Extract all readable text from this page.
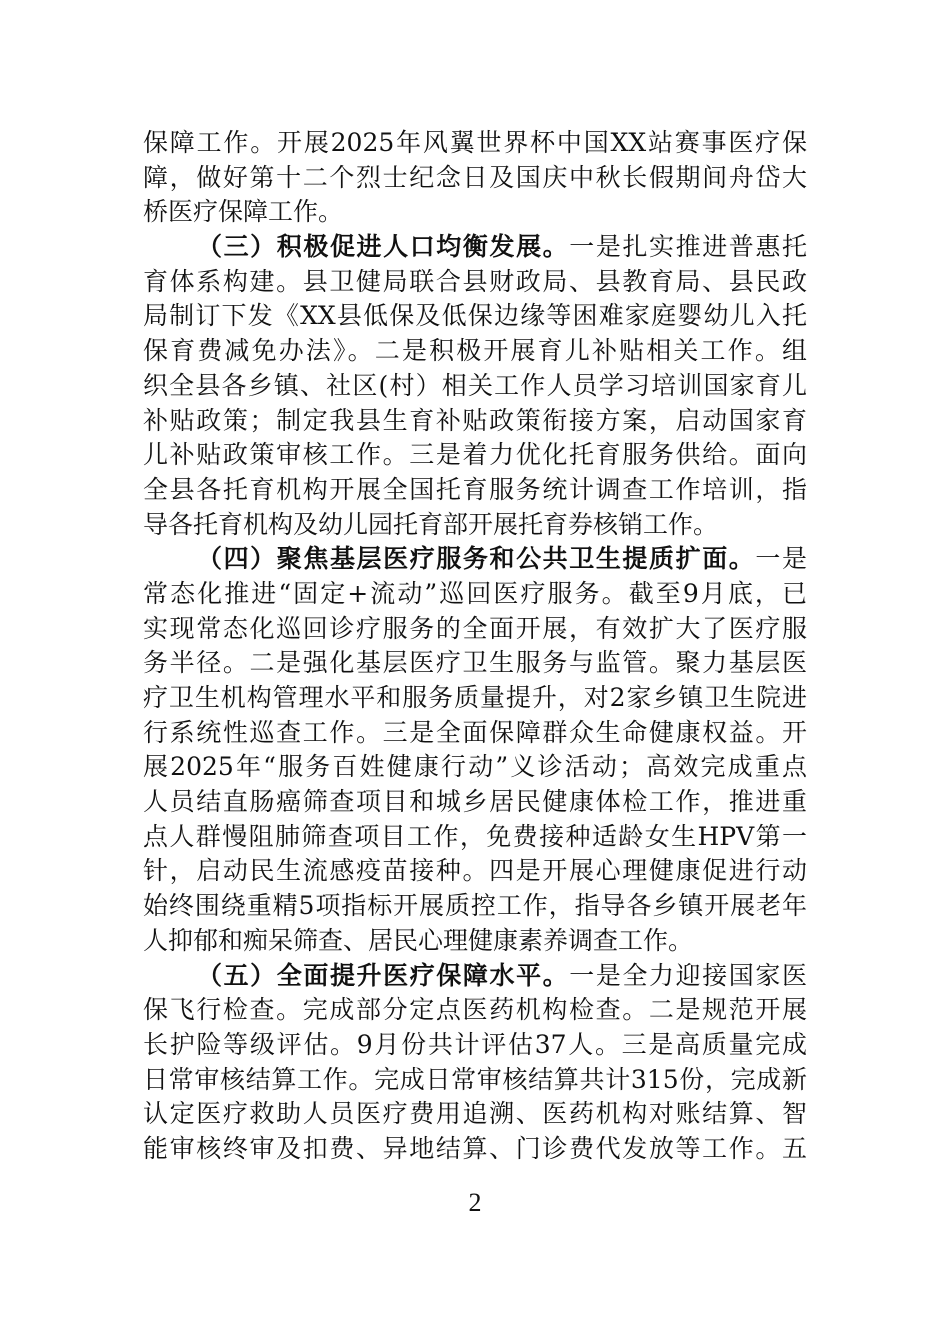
保障工作。开展2025年风翼世界杯中国XX站赛事医疗保
障，做好第十二个烈士纪念日及国庆中秋长假期间舟岱大
桥医疗保障工作。
（三）积极促进人口均衡发展。一是扎实推进普惠托
育体系构建。县卫健局联合县财政局、县教育局、县民政
局制订下发《XX县低保及低保边缘等困难家庭婴幼儿入托
保育费减免办法》。二是积极开展育儿补贴相关工作。组
织全县各乡镇、社区(村）相关工作人员学习培训国家育儿
补贴政策；制定我县生育补贴政策衔接方案，启动国家育
儿补贴政策审核工作。三是着力优化托育服务供给。面向
全县各托育机构开展全国托育服务统计调查工作培训，指
导各托育机构及幼儿园托育部开展托育券核销工作。
（四）聚焦基层医疗服务和公共卫生提质扩面。一是
常态化推进“固定+流动”巡回医疗服务。截至9月底，已
实现常态化巡回诊疗服务的全面开展，有效扩大了医疗服
务半径。二是强化基层医疗卫生服务与监管。聚力基层医
疗卫生机构管理水平和服务质量提升，对2家乡镇卫生院进
行系统性巡查工作。三是全面保障群众生命健康权益。开
展2025年“服务百姓健康行动”义诊活动；高效完成重点
人员结直肠癌筛查项目和城乡居民健康体检工作，推进重
点人群慢阻肺筛查项目工作，免费接种适龄女生HPV第一
针，启动民生流感疫苗接种。四是开展心理健康促进行动
始终围绕重精5项指标开展质控工作，指导各乡镇开展老年
人抑郁和痴呆筛查、居民心理健康素养调查工作。
（五）全面提升医疗保障水平。一是全力迎接国家医
保飞行检查。完成部分定点医药机构检查。二是规范开展
长护险等级评估。9月份共计评估37人。三是高质量完成
日常审核结算工作。完成日常审核结算共计315份，完成新
认定医疗救助人员医疗费用追溯、医药机构对账结算、智
能审核终审及扣费、异地结算、门诊费代发放等工作。五
2
